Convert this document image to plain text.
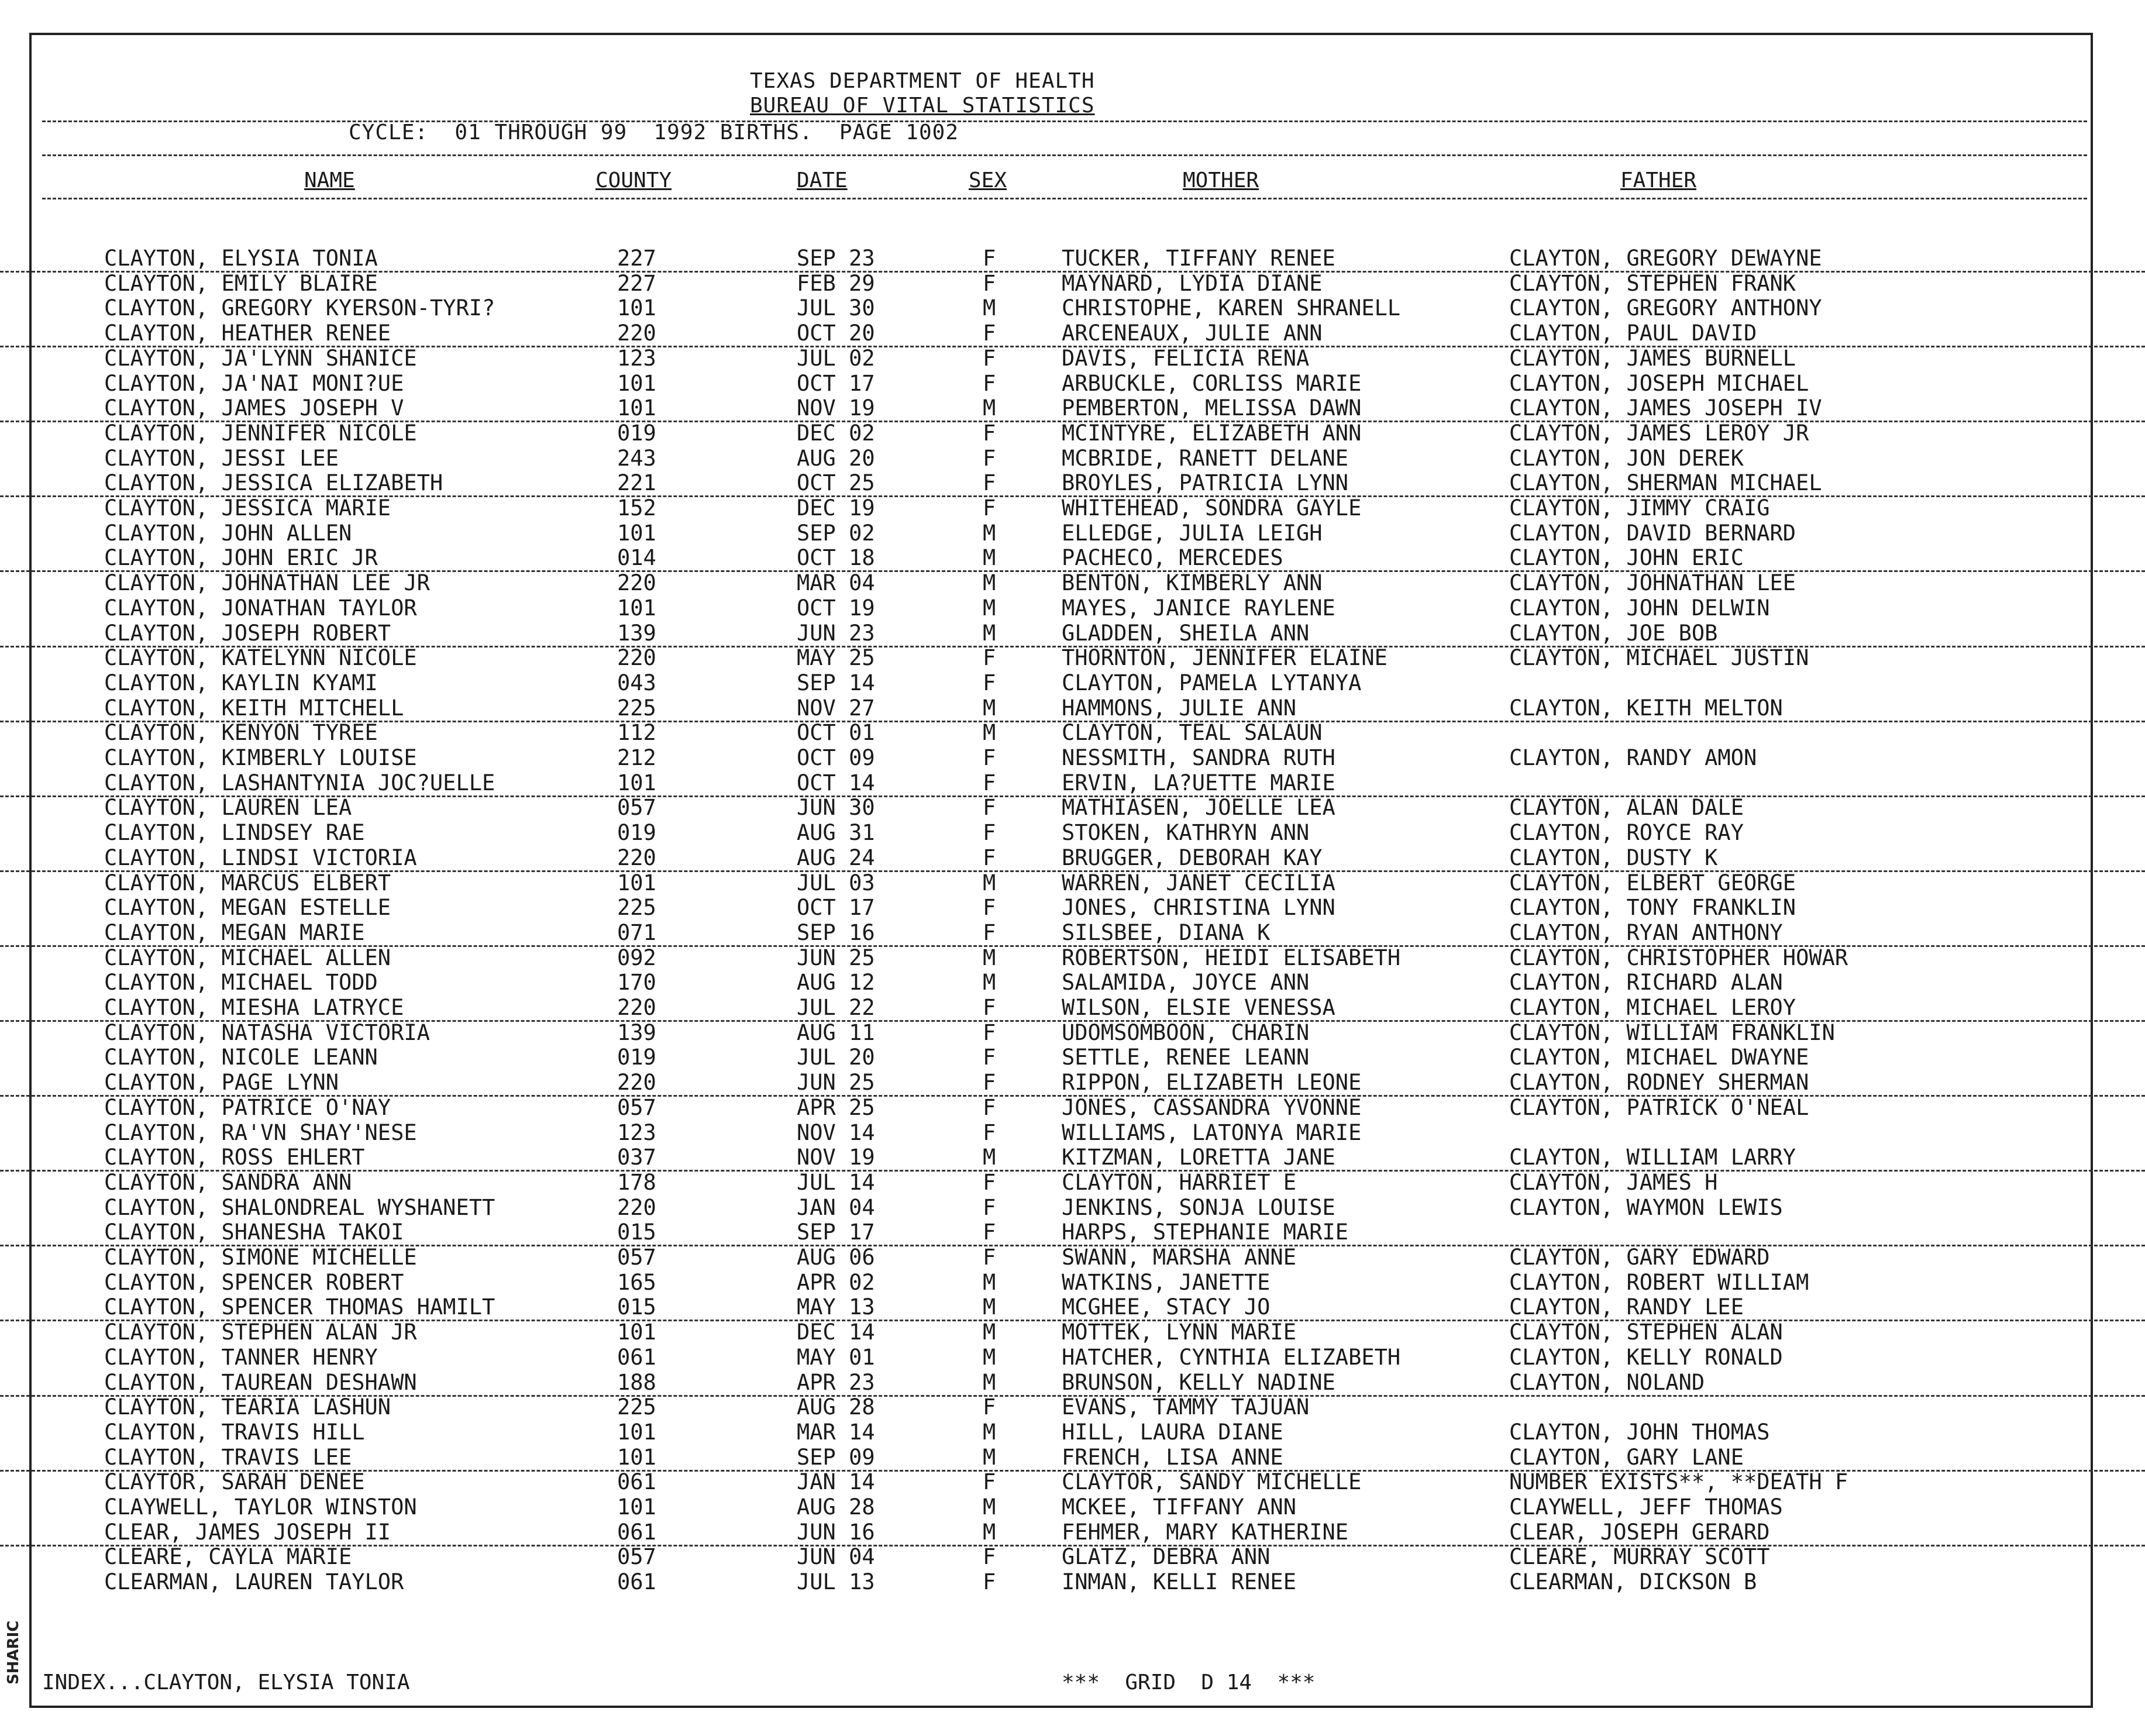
SHARIC
TEXAS DEPARTMENT OF HEALTH
BUREAU OF VITAL STATISTICS
CYCLE:  01 THROUGH 99  1992 BIRTHS.  PAGE 1002
NAME	COUNTY	DATE	SEX	MOTHER	FATHER
CLAYTON, ELYSIA TONIA	227	SEP 23	F	TUCKER, TIFFANY RENEE	CLAYTON, GREGORY DEWAYNE
CLAYTON, EMILY BLAIRE	227	FEB 29	F	MAYNARD, LYDIA DIANE	CLAYTON, STEPHEN FRANK
CLAYTON, GREGORY KYERSON-TYRI?	101	JUL 30	M	CHRISTOPHE, KAREN SHRANELL	CLAYTON, GREGORY ANTHONY
CLAYTON, HEATHER RENEE	220	OCT 20	F	ARCENEAUX, JULIE ANN	CLAYTON, PAUL DAVID
CLAYTON, JA'LYNN SHANICE	123	JUL 02	F	DAVIS, FELICIA RENA	CLAYTON, JAMES BURNELL
CLAYTON, JA'NAI MONI?UE	101	OCT 17	F	ARBUCKLE, CORLISS MARIE	CLAYTON, JOSEPH MICHAEL
CLAYTON, JAMES JOSEPH V	101	NOV 19	M	PEMBERTON, MELISSA DAWN	CLAYTON, JAMES JOSEPH IV
CLAYTON, JENNIFER NICOLE	019	DEC 02	F	MCINTYRE, ELIZABETH ANN	CLAYTON, JAMES LEROY JR
CLAYTON, JESSI LEE	243	AUG 20	F	MCBRIDE, RANETT DELANE	CLAYTON, JON DEREK
CLAYTON, JESSICA ELIZABETH	221	OCT 25	F	BROYLES, PATRICIA LYNN	CLAYTON, SHERMAN MICHAEL
CLAYTON, JESSICA MARIE	152	DEC 19	F	WHITEHEAD, SONDRA GAYLE	CLAYTON, JIMMY CRAIG
CLAYTON, JOHN ALLEN	101	SEP 02	M	ELLEDGE, JULIA LEIGH	CLAYTON, DAVID BERNARD
CLAYTON, JOHN ERIC JR	014	OCT 18	M	PACHECO, MERCEDES	CLAYTON, JOHN ERIC
CLAYTON, JOHNATHAN LEE JR	220	MAR 04	M	BENTON, KIMBERLY ANN	CLAYTON, JOHNATHAN LEE
CLAYTON, JONATHAN TAYLOR	101	OCT 19	M	MAYES, JANICE RAYLENE	CLAYTON, JOHN DELWIN
CLAYTON, JOSEPH ROBERT	139	JUN 23	M	GLADDEN, SHEILA ANN	CLAYTON, JOE BOB
CLAYTON, KATELYNN NICOLE	220	MAY 25	F	THORNTON, JENNIFER ELAINE	CLAYTON, MICHAEL JUSTIN
CLAYTON, KAYLIN KYAMI	043	SEP 14	F	CLAYTON, PAMELA LYTANYA
CLAYTON, KEITH MITCHELL	225	NOV 27	M	HAMMONS, JULIE ANN	CLAYTON, KEITH MELTON
CLAYTON, KENYON TYREE	112	OCT 01	M	CLAYTON, TEAL SALAUN
CLAYTON, KIMBERLY LOUISE	212	OCT 09	F	NESSMITH, SANDRA RUTH	CLAYTON, RANDY AMON
CLAYTON, LASHANTYNIA JOC?UELLE	101	OCT 14	F	ERVIN, LA?UETTE MARIE
CLAYTON, LAUREN LEA	057	JUN 30	F	MATHIASEN, JOELLE LEA	CLAYTON, ALAN DALE
CLAYTON, LINDSEY RAE	019	AUG 31	F	STOKEN, KATHRYN ANN	CLAYTON, ROYCE RAY
CLAYTON, LINDSI VICTORIA	220	AUG 24	F	BRUGGER, DEBORAH KAY	CLAYTON, DUSTY K
CLAYTON, MARCUS ELBERT	101	JUL 03	M	WARREN, JANET CECILIA	CLAYTON, ELBERT GEORGE
CLAYTON, MEGAN ESTELLE	225	OCT 17	F	JONES, CHRISTINA LYNN	CLAYTON, TONY FRANKLIN
CLAYTON, MEGAN MARIE	071	SEP 16	F	SILSBEE, DIANA K	CLAYTON, RYAN ANTHONY
CLAYTON, MICHAEL ALLEN	092	JUN 25	M	ROBERTSON, HEIDI ELISABETH	CLAYTON, CHRISTOPHER HOWAR
CLAYTON, MICHAEL TODD	170	AUG 12	M	SALAMIDA, JOYCE ANN	CLAYTON, RICHARD ALAN
CLAYTON, MIESHA LATRYCE	220	JUL 22	F	WILSON, ELSIE VENESSA	CLAYTON, MICHAEL LEROY
CLAYTON, NATASHA VICTORIA	139	AUG 11	F	UDOMSOMBOON, CHARIN	CLAYTON, WILLIAM FRANKLIN
CLAYTON, NICOLE LEANN	019	JUL 20	F	SETTLE, RENEE LEANN	CLAYTON, MICHAEL DWAYNE
CLAYTON, PAGE LYNN	220	JUN 25	F	RIPPON, ELIZABETH LEONE	CLAYTON, RODNEY SHERMAN
CLAYTON, PATRICE O'NAY	057	APR 25	F	JONES, CASSANDRA YVONNE	CLAYTON, PATRICK O'NEAL
CLAYTON, RA'VN SHAY'NESE	123	NOV 14	F	WILLIAMS, LATONYA MARIE
CLAYTON, ROSS EHLERT	037	NOV 19	M	KITZMAN, LORETTA JANE	CLAYTON, WILLIAM LARRY
CLAYTON, SANDRA ANN	178	JUL 14	F	CLAYTON, HARRIET E	CLAYTON, JAMES H
CLAYTON, SHALONDREAL WYSHANETT	220	JAN 04	F	JENKINS, SONJA LOUISE	CLAYTON, WAYMON LEWIS
CLAYTON, SHANESHA TAKOI	015	SEP 17	F	HARPS, STEPHANIE MARIE
CLAYTON, SIMONE MICHELLE	057	AUG 06	F	SWANN, MARSHA ANNE	CLAYTON, GARY EDWARD
CLAYTON, SPENCER ROBERT	165	APR 02	M	WATKINS, JANETTE	CLAYTON, ROBERT WILLIAM
CLAYTON, SPENCER THOMAS HAMILT	015	MAY 13	M	MCGHEE, STACY JO	CLAYTON, RANDY LEE
CLAYTON, STEPHEN ALAN JR	101	DEC 14	M	MOTTEK, LYNN MARIE	CLAYTON, STEPHEN ALAN
CLAYTON, TANNER HENRY	061	MAY 01	M	HATCHER, CYNTHIA ELIZABETH	CLAYTON, KELLY RONALD
CLAYTON, TAUREAN DESHAWN	188	APR 23	M	BRUNSON, KELLY NADINE	CLAYTON, NOLAND
CLAYTON, TEARIA LASHUN	225	AUG 28	F	EVANS, TAMMY TAJUAN
CLAYTON, TRAVIS HILL	101	MAR 14	M	HILL, LAURA DIANE	CLAYTON, JOHN THOMAS
CLAYTON, TRAVIS LEE	101	SEP 09	M	FRENCH, LISA ANNE	CLAYTON, GARY LANE
CLAYTOR, SARAH DENEE	061	JAN 14	F	CLAYTOR, SANDY MICHELLE	NUMBER EXISTS**, **DEATH F
CLAYWELL, TAYLOR WINSTON	101	AUG 28	M	MCKEE, TIFFANY ANN	CLAYWELL, JEFF THOMAS
CLEAR, JAMES JOSEPH II	061	JUN 16	M	FEHMER, MARY KATHERINE	CLEAR, JOSEPH GERARD
CLEARE, CAYLA MARIE	057	JUN 04	F	GLATZ, DEBRA ANN	CLEARE, MURRAY SCOTT
CLEARMAN, LAUREN TAYLOR	061	JUL 13	F	INMAN, KELLI RENEE	CLEARMAN, DICKSON B
INDEX...CLAYTON, ELYSIA TONIA	***  GRID  D 14  ***
